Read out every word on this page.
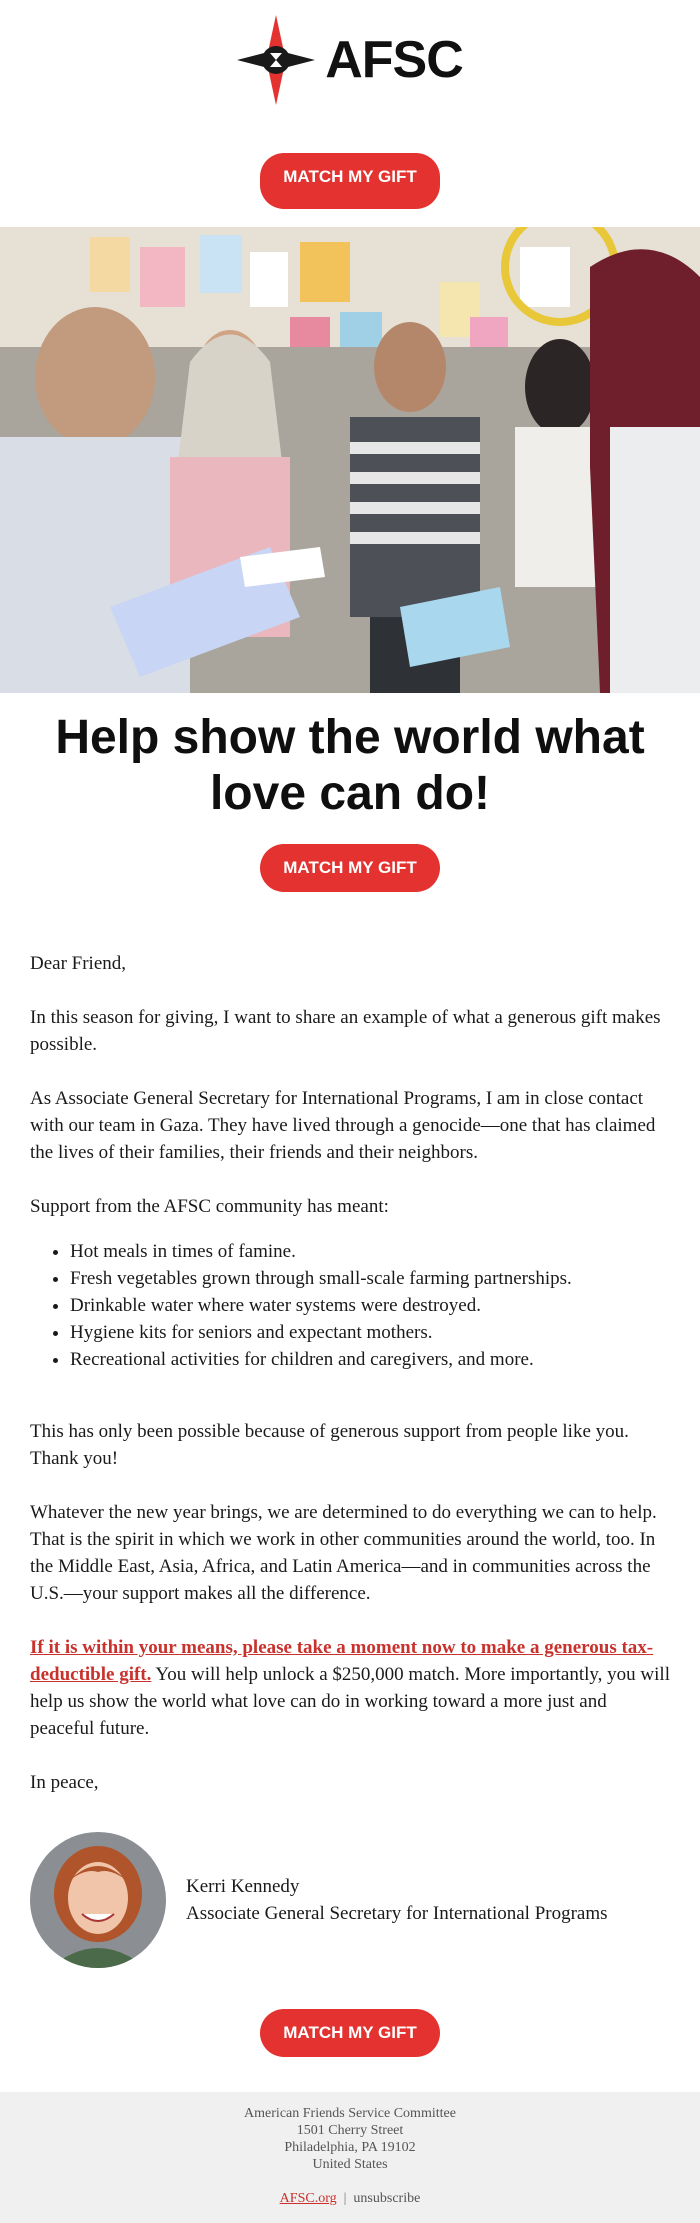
AFSC
MATCH MY GIFT
Help show the world what love can do!
MATCH MY GIFT

Dear Friend,

In this season for giving, I want to share an example of what a generous gift makes possible.

As Associate General Secretary for International Programs, I am in close contact with our team in Gaza. They have lived through a genocide—one that has claimed the lives of their families, their friends and their neighbors.

Support from the AFSC community has meant:

• Hot meals in times of famine.
• Fresh vegetables grown through small-scale farming partnerships.
• Drinkable water where water systems were destroyed.
• Hygiene kits for seniors and expectant mothers.
• Recreational activities for children and caregivers, and more.

This has only been possible because of generous support from people like you. Thank you!

Whatever the new year brings, we are determined to do everything we can to help. That is the spirit in which we work in other communities around the world, too. In the Middle East, Asia, Africa, and Latin America—and in communities across the U.S.—your support makes all the difference.

If it is within your means, please take a moment now to make a generous tax-deductible gift. You will help unlock a $250,000 match. More importantly, you will help us show the world what love can do in working toward a more just and peaceful future.

In peace,

Kerri Kennedy
Associate General Secretary for International Programs
MATCH MY GIFT
American Friends Service Committee
1501 Cherry Street
Philadelphia, PA 19102
United States
AFSC.org | unsubscribe
